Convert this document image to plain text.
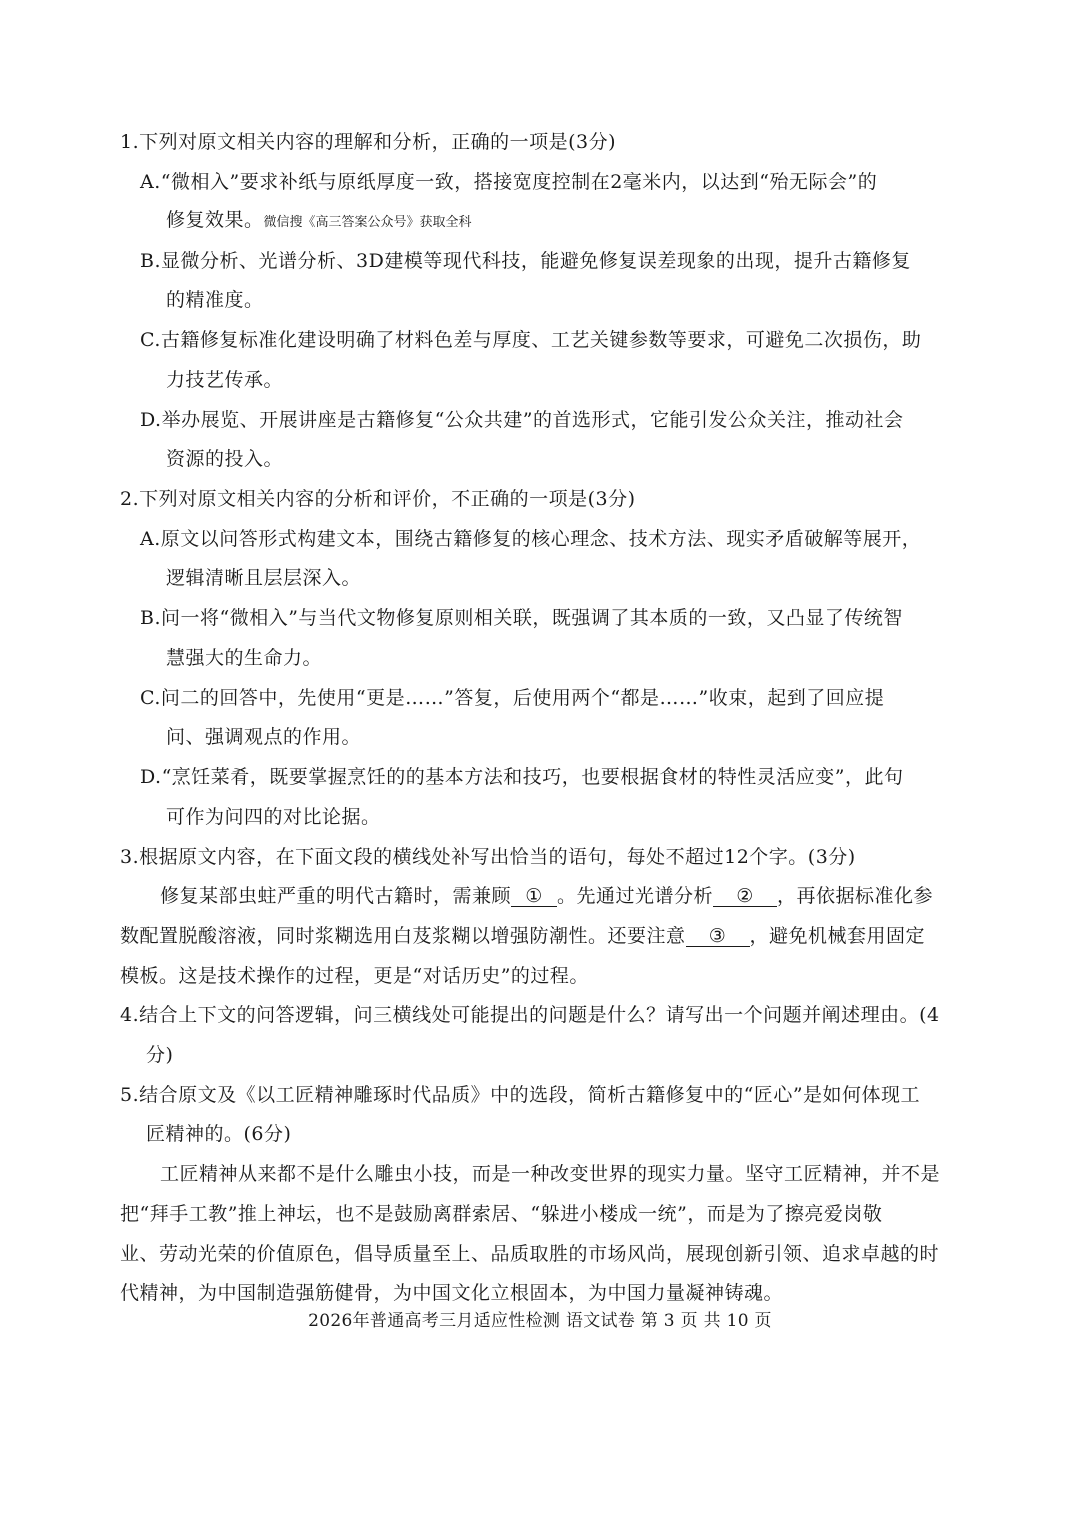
1.下列对原文相关内容的理解和分析，正确的一项是(3分)
A.“微相入”要求补纸与原纸厚度一致，搭接宽度控制在2毫米内，以达到“殆无际会”的
修复效果。微信搜《高三答案公众号》获取全科
B.显微分析、光谱分析、3D建模等现代科技，能避免修复误差现象的出现，提升古籍修复
的精准度。
C.古籍修复标准化建设明确了材料色差与厚度、工艺关键参数等要求，可避免二次损伤，助
力技艺传承。
D.举办展览、开展讲座是古籍修复“公众共建”的首选形式，它能引发公众关注，推动社会
资源的投入。
2.下列对原文相关内容的分析和评价，不正确的一项是(3分)
A.原文以问答形式构建文本，围绕古籍修复的核心理念、技术方法、现实矛盾破解等展开，
逻辑清晰且层层深入。
B.问一将“微相入”与当代文物修复原则相关联，既强调了其本质的一致，又凸显了传统智
慧强大的生命力。
C.问二的回答中，先使用“更是……”答复，后使用两个“都是……”收束，起到了回应提
问、强调观点的作用。
D.“烹饪菜肴，既要掌握烹饪的的基本方法和技巧，也要根据食材的特性灵活应变”，此句
可作为问四的对比论据。
3.根据原文内容，在下面文段的横线处补写出恰当的语句，每处不超过12个字。(3分)
修复某部虫蛀严重的明代古籍时，需兼顾 ① 。先通过光谱分析 ② ，再依据标准化参
数配置脱酸溶液，同时浆糊选用白芨浆糊以增强防潮性。还要注意 ③ ，避免机械套用固定
模板。这是技术操作的过程，更是“对话历史”的过程。
4.结合上下文的问答逻辑，问三横线处可能提出的问题是什么？请写出一个问题并阐述理由。(4
分)
5.结合原文及《以工匠精神雕琢时代品质》中的选段，简析古籍修复中的“匠心”是如何体现工
匠精神的。(6分)
工匠精神从来都不是什么雕虫小技，而是一种改变世界的现实力量。坚守工匠精神，并不是
把“拜手工教”推上神坛，也不是鼓励离群索居、“躲进小楼成一统”，而是为了擦亮爱岗敬
业、劳动光荣的价值原色，倡导质量至上、品质取胜的市场风尚，展现创新引领、追求卓越的时
代精神，为中国制造强筋健骨，为中国文化立根固本，为中国力量凝神铸魂。
2026年普通高考三月适应性检测 语文试卷 第 3 页 共 10 页
